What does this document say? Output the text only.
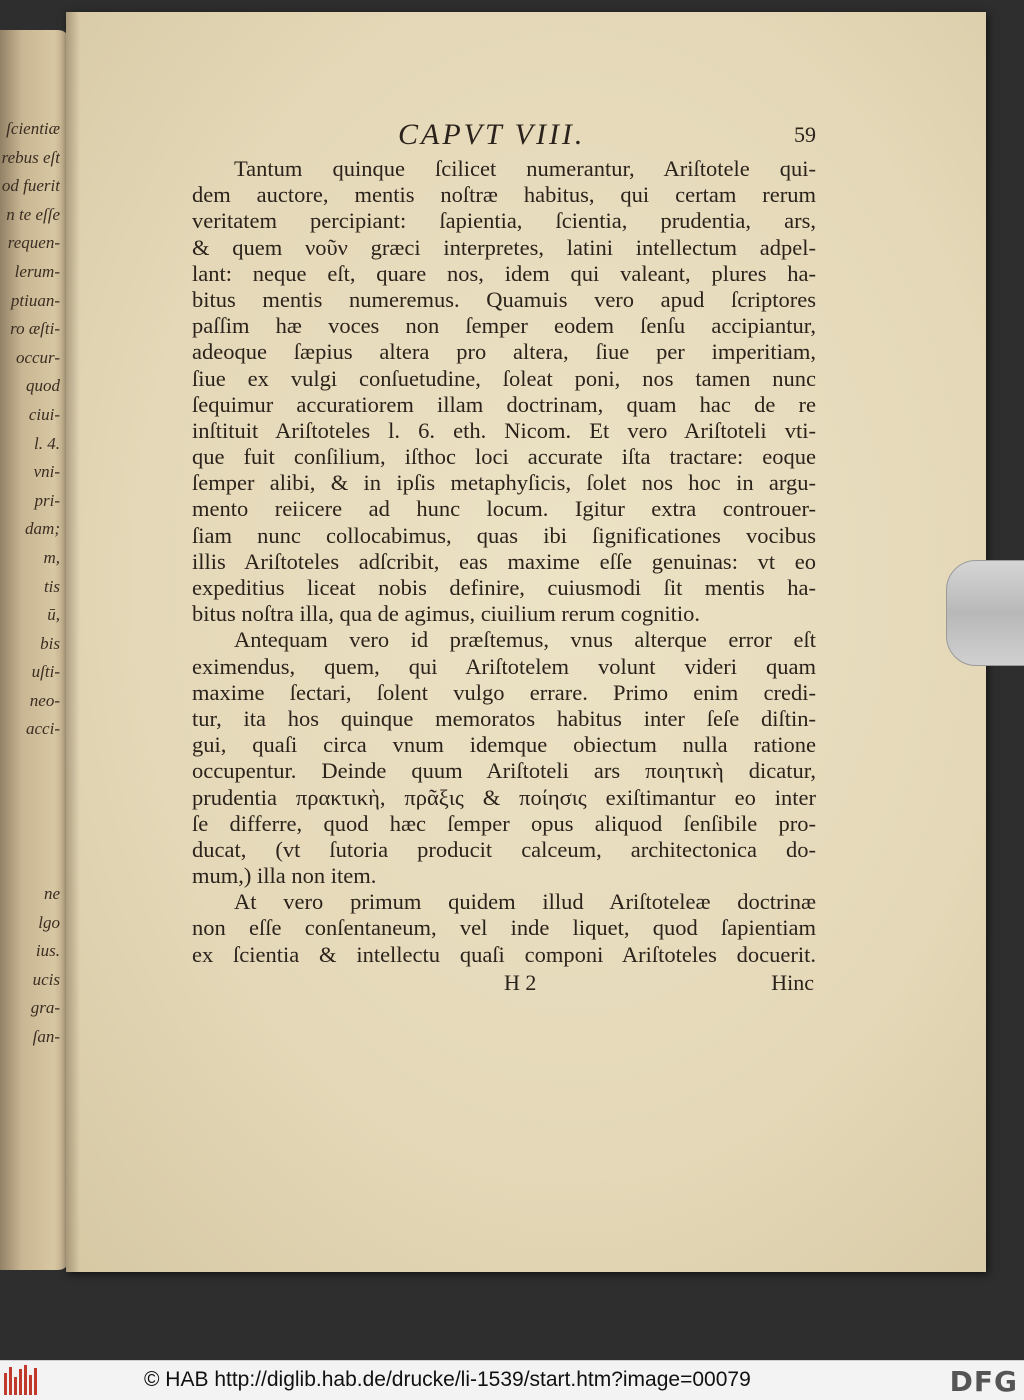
ſcientiæ
rebus eſt
od fuerit
n te eſſe
requen-
lerum-
ptiuan-
ro æſti-
occur-
quod
ciui-
l. 4.
vni-
pri-
dam;
m,
tis
ū,
bis
uſti-
neo-
acci-
ne
lgo
ius.
ucis
gra-
ſan-
CAPVT VIII.	59
Tantum quinque ſcilicet numerantur, Ariſtotele qui-
dem auctore, mentis noſtræ habitus, qui certam rerum
veritatem percipiant: ſapientia, ſcientia, prudentia, ars,
& quem νοῦν græci interpretes, latini intellectum adpel-
lant: neque eſt, quare nos, idem qui valeant, plures ha-
bitus mentis numeremus. Quamuis vero apud ſcriptores
paſſim hæ voces non ſemper eodem ſenſu accipiantur,
adeoque ſæpius altera pro altera, ſiue per imperitiam,
ſiue ex vulgi conſuetudine, ſoleat poni, nos tamen nunc
ſequimur accuratiorem illam doctrinam, quam hac de re
inſtituit Ariſtoteles l. 6. eth. Nicom. Et vero Ariſtoteli vti-
que fuit conſilium, iſthoc loci accurate iſta tractare: eoque
ſemper alibi, & in ipſis metaphyſicis, ſolet nos hoc in argu-
mento reiicere ad hunc locum. Igitur extra controuer-
ſiam nunc collocabimus, quas ibi ſignificationes vocibus
illis Ariſtoteles adſcribit, eas maxime eſſe genuinas: vt eo
expeditius liceat nobis definire, cuiusmodi ſit mentis ha-
bitus noſtra illa, qua de agimus, ciuilium rerum cognitio.
Antequam vero id præſtemus, vnus alterque error eſt
eximendus, quem, qui Ariſtotelem volunt videri quam
maxime ſectari, ſolent vulgo errare. Primo enim credi-
tur, ita hos quinque memoratos habitus inter ſeſe diſtin-
gui, quaſi circa vnum idemque obiectum nulla ratione
occupentur. Deinde quum Ariſtoteli ars ποιητικὴ dicatur,
prudentia πρακτικὴ, πρᾶξις & ποίησις exiſtimantur eo inter
ſe differre, quod hæc ſemper opus aliquod ſenſibile pro-
ducat, (vt ſutoria producit calceum, architectonica do-
mum,) illa non item.
At vero primum quidem illud Ariſtoteleæ doctrinæ
non eſſe conſentaneum, vel inde liquet, quod ſapientiam
ex ſcientia & intellectu quaſi componi Ariſtoteles docuerit.
H 2	Hinc
© HAB http://diglib.hab.de/drucke/li-1539/start.htm?image=00079	DFG
